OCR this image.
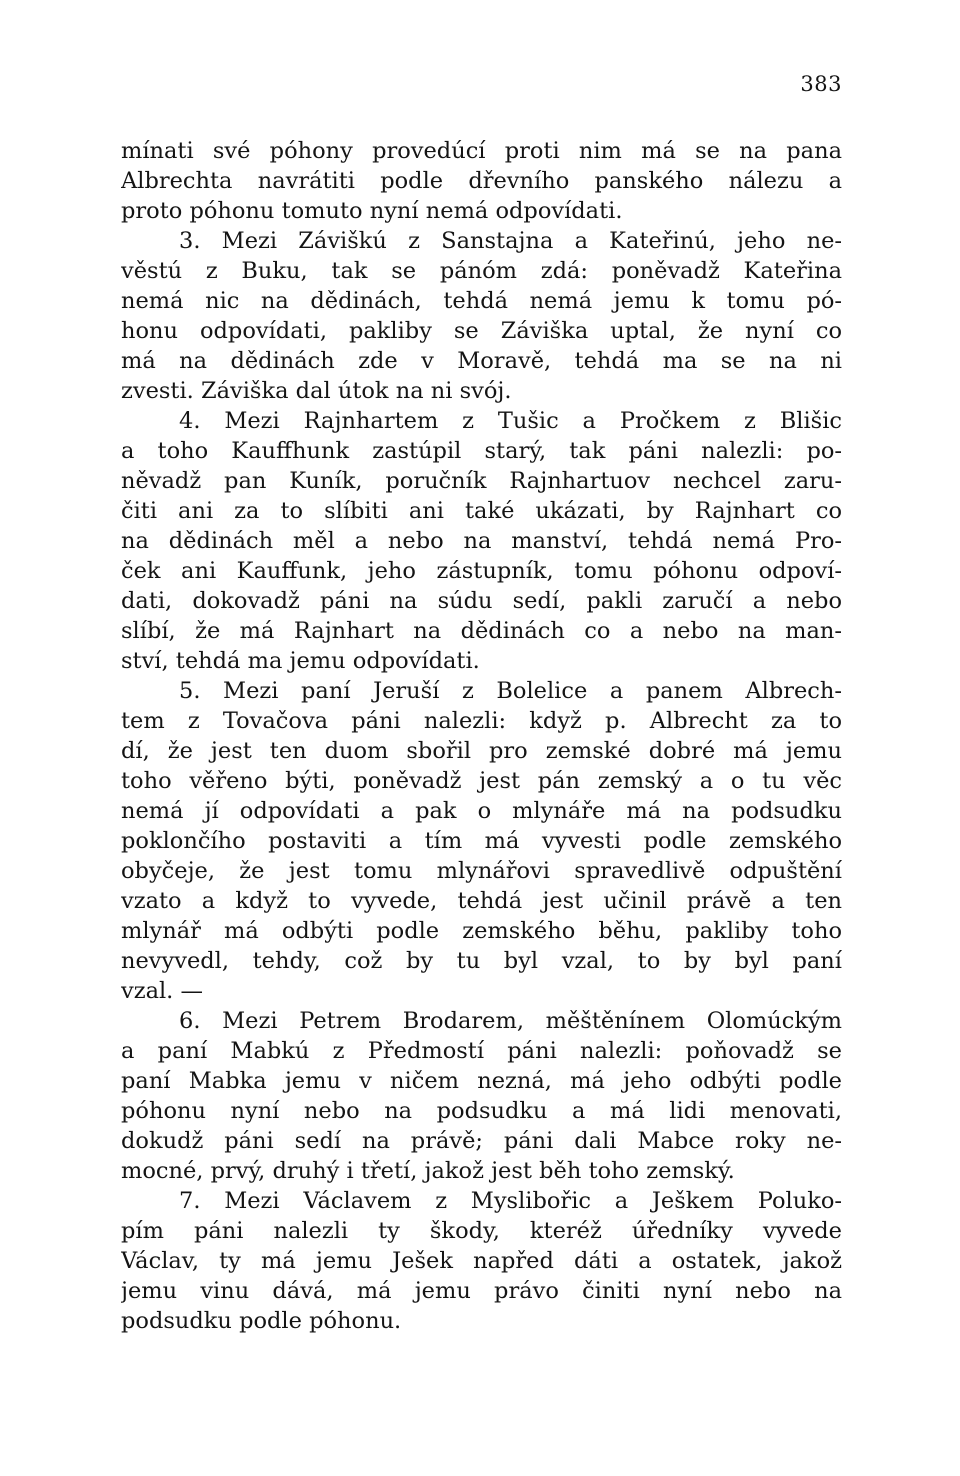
383
mínati své póhony provedúcí proti nim má se na pana
Albrechta navrátiti podle dřevního panského nálezu a
proto póhonu tomuto nyní nemá odpovídati.
3. Mezi Záviškú z Sanstajna a Kateřinú, jeho ne-
věstú z Buku, tak se pánóm zdá: poněvadž Kateřina
nemá nic na dědinách, tehdá nemá jemu k tomu pó-
honu odpovídati, pakliby se Záviška uptal, že nyní co
má na dědinách zde v Moravě, tehdá ma se na ni
zvesti. Záviška dal útok na ni svój.
4. Mezi Rajnhartem z Tušic a Pročkem z Blišic
a toho Kauffhunk zastúpil starý, tak páni nalezli: po-
něvadž pan Kuník, poručník Rajnhartuov nechcel zaru-
čiti ani za to slíbiti ani také ukázati, by Rajnhart co
na dědinách měl a nebo na manství, tehdá nemá Pro-
ček ani Kauffunk, jeho zástupník, tomu póhonu odpoví-
dati, dokovadž páni na súdu sedí, pakli zaručí a nebo
slíbí, že má Rajnhart na dědinách co a nebo na man-
ství, tehdá ma jemu odpovídati.
5. Mezi paní Jeruší z Bolelice a panem Albrech-
tem z Tovačova páni nalezli: když p. Albrecht za to
dí, že jest ten duom sbořil pro zemské dobré má jemu
toho věřeno býti, poněvadž jest pán zemský a o tu věc
nemá jí odpovídati a pak o mlynáře má na podsudku
poklončího postaviti a tím má vyvesti podle zemského
obyčeje, že jest tomu mlynářovi spravedlivě odpuštění
vzato a když to vyvede, tehdá jest učinil právě a ten
mlynář má odbýti podle zemského běhu, pakliby toho
nevyvedl, tehdy, což by tu byl vzal, to by byl paní
vzal. —
6. Mezi Petrem Brodarem, měštěnínem Olomúckým
a paní Mabkú z Předmostí páni nalezli: poňovadž se
paní Mabka jemu v ničem nezná, má jeho odbýti podle
póhonu nyní nebo na podsudku a má lidi menovati,
dokudž páni sedí na právě; páni dali Mabce roky ne-
mocné, prvý, druhý i třetí, jakož jest běh toho zemský.
7. Mezi Václavem z Myslibořic a Ješkem Poluko-
pím páni nalezli ty škody, kteréž úředníky vyvede
Václav, ty má jemu Ješek napřed dáti a ostatek, jakož
jemu vinu dává, má jemu právo činiti nyní nebo na
podsudku podle póhonu.
